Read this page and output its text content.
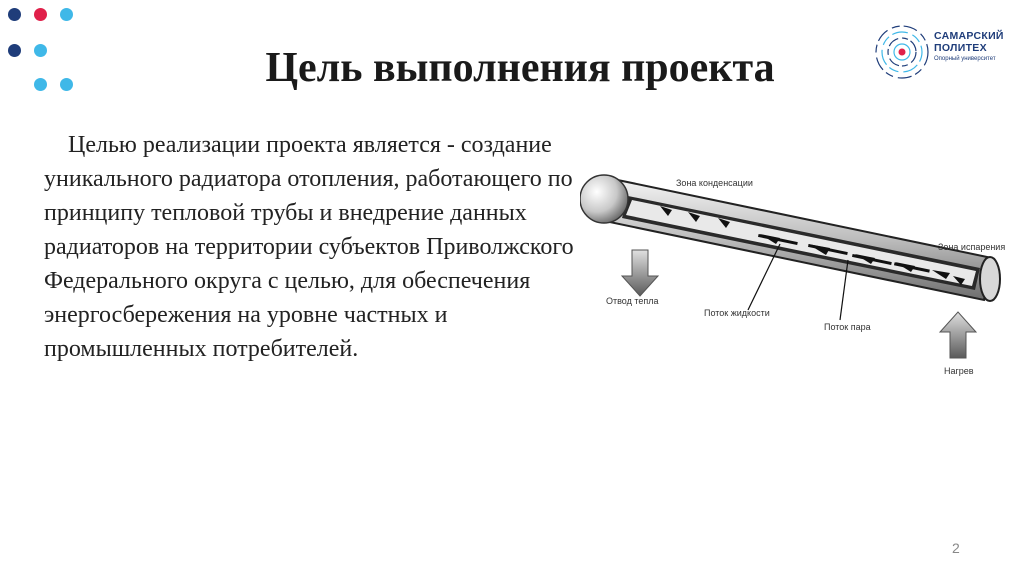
Цель выполнения проекта
САМАРСКИЙ
ПОЛИТЕХ
Опорный университет
Целью реализации проекта является - создание уникального радиатора отопления, работающего по принципу тепловой трубы и внедрение данных радиаторов на территории субъектов Приволжского Федерального округа с целью, для обеспечения энергосбережения на уровне частных и промышленных потребителей.
Зона конденсации
Зона испарения
Отвод тепла
Поток жидкости
Поток пара
Нагрев
2
